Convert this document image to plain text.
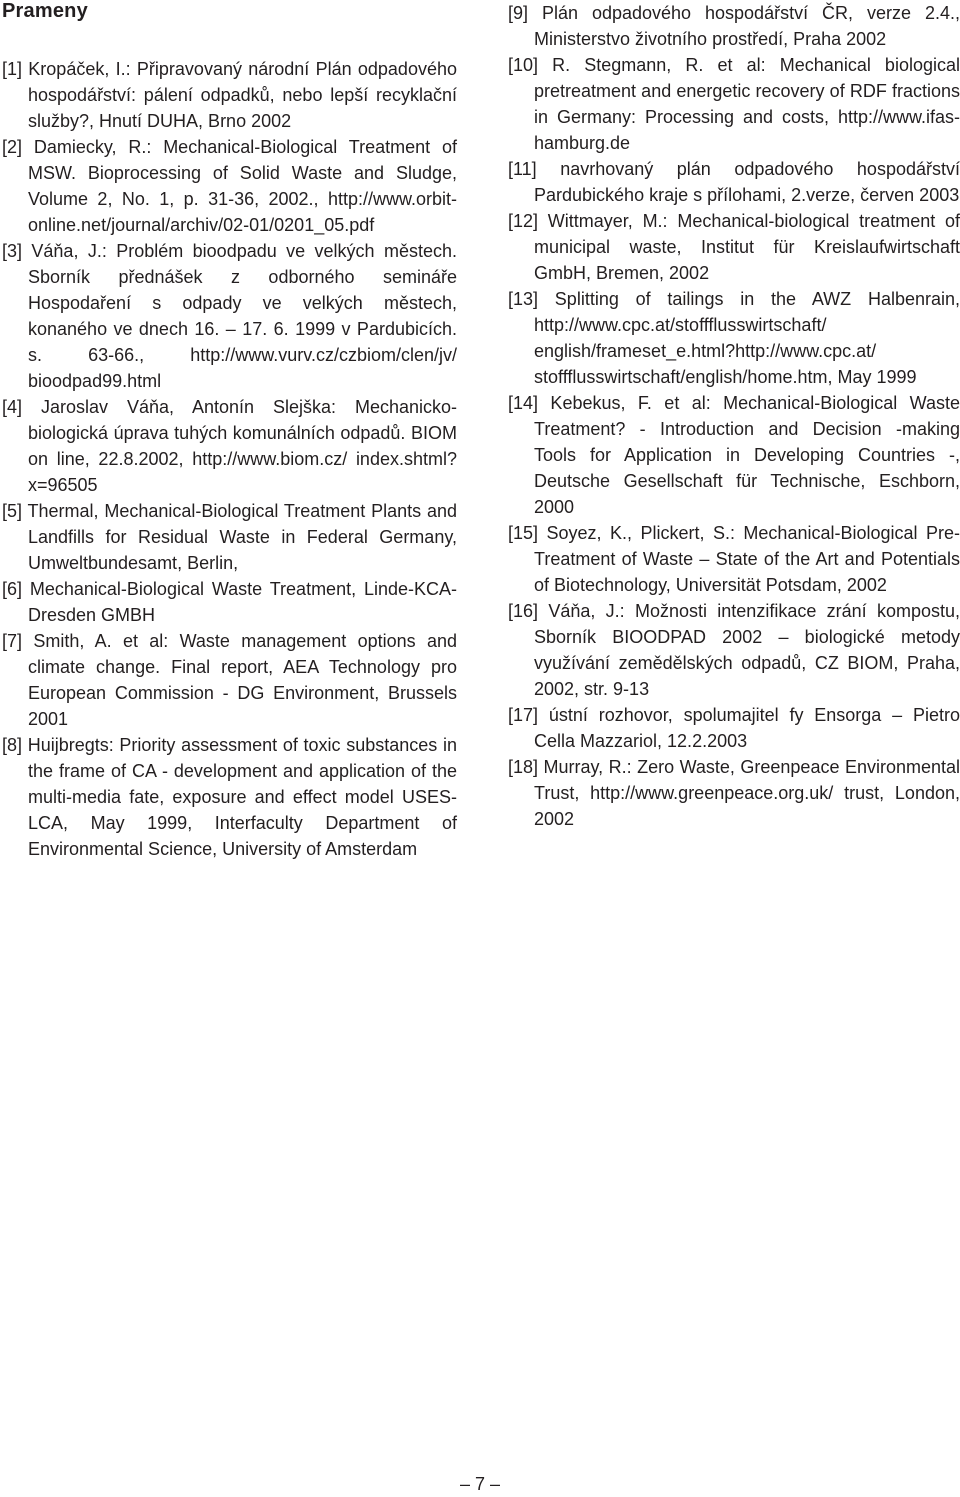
Prameny

[1] Kropáček, I.: Připravovaný národní Plán odpadového hospodářství: pálení odpadků, nebo lepší recyklační služby?, Hnutí DUHA, Brno 2002

[2] Damiecky, R.: Mechanical-Biological Treatment of MSW. Bioprocessing of Solid Waste and Sludge, Volume 2, No. 1, p. 31-36, 2002., http://www.orbit-online.net/journal/archiv/02-01/0201_05.pdf

[3] Váňa, J.: Problém bioodpadu ve velkých městech. Sborník přednášek z odborného semináře Hospodaření s odpady ve velkých městech, konaného ve dnech 16. – 17. 6. 1999 v Pardubicích. s. 63-66., http://www.vurv.cz/czbiom/clen/jv/ bioodpad99.html

[4] Jaroslav Váňa, Antonín Slejška: Mechanicko-biologická úprava tuhých komunálních odpadů. BIOM on line, 22.8.2002, http://www.biom.cz/ index.shtml?x=96505

[5] Thermal, Mechanical-Biological Treatment Plants and Landfills for Residual Waste in Federal Germany, Umweltbundesamt, Berlin,

[6] Mechanical-Biological Waste Treatment, Linde-KCA-Dresden GMBH

[7] Smith, A. et al: Waste management options and climate change. Final report, AEA Technology pro European Commission - DG Environment, Brussels 2001

[8] Huijbregts: Priority assessment of toxic substances in the frame of CA - development and application of the multi-media fate, exposure and effect model USES-LCA, May 1999, Interfaculty Department of Environmental Science, University of Amsterdam

[9] Plán odpadového hospodářství ČR, verze 2.4., Ministerstvo životního prostředí, Praha 2002

[10] R. Stegmann, R. et al: Mechanical biological pretreatment and energetic recovery of RDF fractions in Germany: Processing and costs, http://www.ifas-hamburg.de

[11] navrhovaný plán odpadového hospodářství Pardubického kraje s přílohami, 2.verze, červen 2003

[12] Wittmayer, M.: Mechanical-biological treatment of municipal waste, Institut für Kreislaufwirtschaft GmbH, Bremen, 2002

[13] Splitting of tailings in the AWZ Halbenrain, http://www.cpc.at/stoffflusswirtschaft/ english/frameset_e.html?http://www.cpc.at/ stoffflusswirtschaft/english/home.htm, May 1999

[14] Kebekus, F. et al: Mechanical-Biological Waste Treatment? - Introduction and Decision -making Tools for Application in Developing Countries -, Deutsche Gesellschaft für Technische, Eschborn, 2000

[15] Soyez, K., Plickert, S.: Mechanical-Biological Pre-Treatment of Waste – State of the Art and Potentials of Biotechnology, Universität Potsdam, 2002

[16] Váňa, J.: Možnosti intenzifikace zrání kompostu, Sborník BIOODPAD 2002 – biologické metody využívání zemědělských odpadů, CZ BIOM, Praha, 2002, str. 9-13

[17] ústní rozhovor, spolumajitel fy Ensorga – Pietro Cella Mazzariol, 12.2.2003

[18] Murray, R.: Zero Waste, Greenpeace Environmental Trust, http://www.greenpeace.org.uk/ trust, London, 2002

– 7 –
